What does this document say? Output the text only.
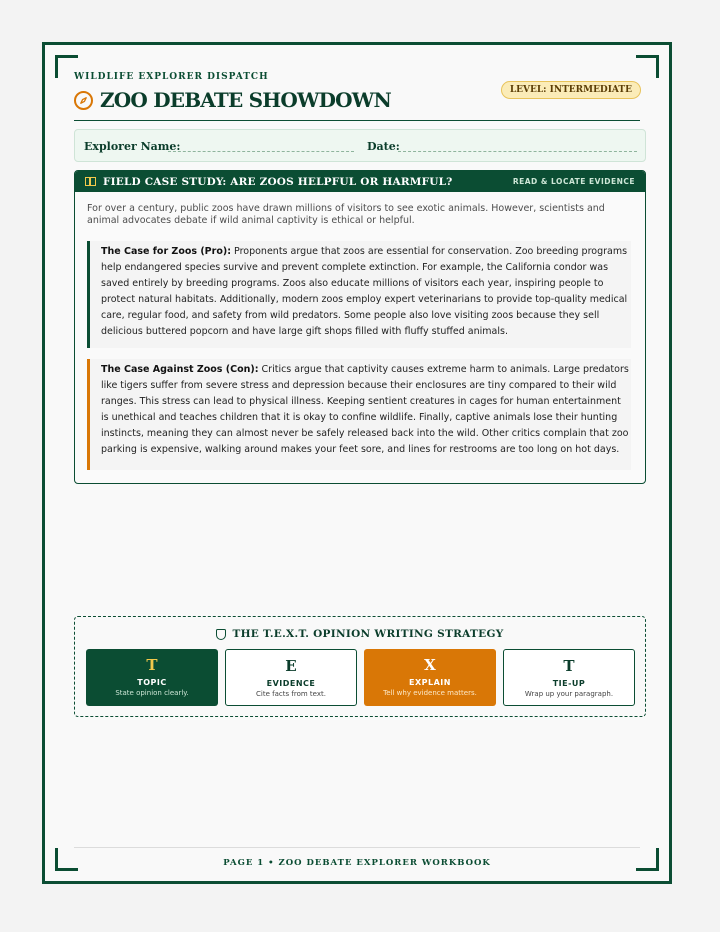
WILDLIFE EXPLORER DISPATCH
ZOO DEBATE SHOWDOWN	LEVEL: INTERMEDIATE
Explorer Name:	Date:
FIELD CASE STUDY: ARE ZOOS HELPFUL OR HARMFUL?	READ & LOCATE EVIDENCE
For over a century, public zoos have drawn millions of visitors to see exotic animals. However, scientists and animal advocates debate if wild animal captivity is ethical or helpful.
The Case for Zoos (Pro): Proponents argue that zoos are essential for conservation. Zoo breeding programs help endangered species survive and prevent complete extinction. For example, the California condor was saved entirely by breeding programs. Zoos also educate millions of visitors each year, inspiring people to protect natural habitats. Additionally, modern zoos employ expert veterinarians to provide top-quality medical care, regular food, and safety from wild predators. Some people also love visiting zoos because they sell delicious buttered popcorn and have large gift shops filled with fluffy stuffed animals.
The Case Against Zoos (Con): Critics argue that captivity causes extreme harm to animals. Large predators like tigers suffer from severe stress and depression because their enclosures are tiny compared to their wild ranges. This stress can lead to physical illness. Keeping sentient creatures in cages for human entertainment is unethical and teaches children that it is okay to confine wildlife. Finally, captive animals lose their hunting instincts, meaning they can almost never be safely released back into the wild. Other critics complain that zoo parking is expensive, walking around makes your feet sore, and lines for restrooms are too long on hot days.
THE T.E.X.T. OPINION WRITING STRATEGY
T
TOPIC
State opinion clearly.
E
EVIDENCE
Cite facts from text.
X
EXPLAIN
Tell why evidence matters.
T
TIE-UP
Wrap up your paragraph.
PAGE 1 • ZOO DEBATE EXPLORER WORKBOOK
